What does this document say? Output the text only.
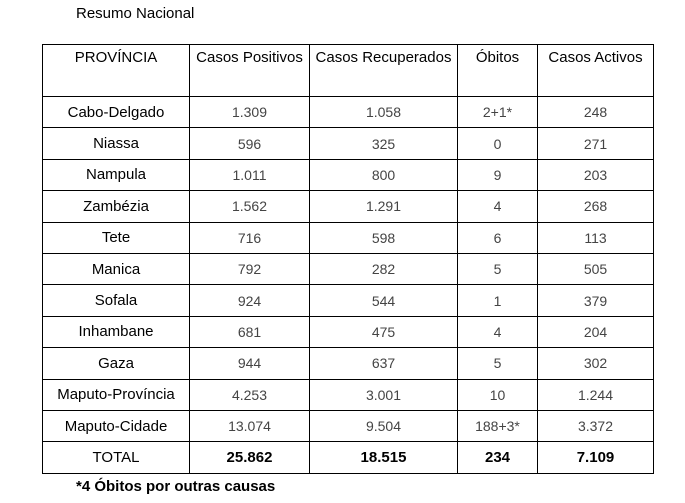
Resumo Nacional
PROVÍNCIA	Casos Positivos	Casos Recuperados	Óbitos	Casos Activos
Cabo-Delgado	1.309	1.058	2+1*	248
Niassa	596	325	0	271
Nampula	1.011	800	9	203
Zambézia	1.562	1.291	4	268
Tete	716	598	6	113
Manica	792	282	5	505
Sofala	924	544	1	379
Inhambane	681	475	4	204
Gaza	944	637	5	302
Maputo-Província	4.253	3.001	10	1.244
Maputo-Cidade	13.074	9.504	188+3*	3.372
TOTAL	25.862	18.515	234	7.109
*4 Óbitos por outras causas
